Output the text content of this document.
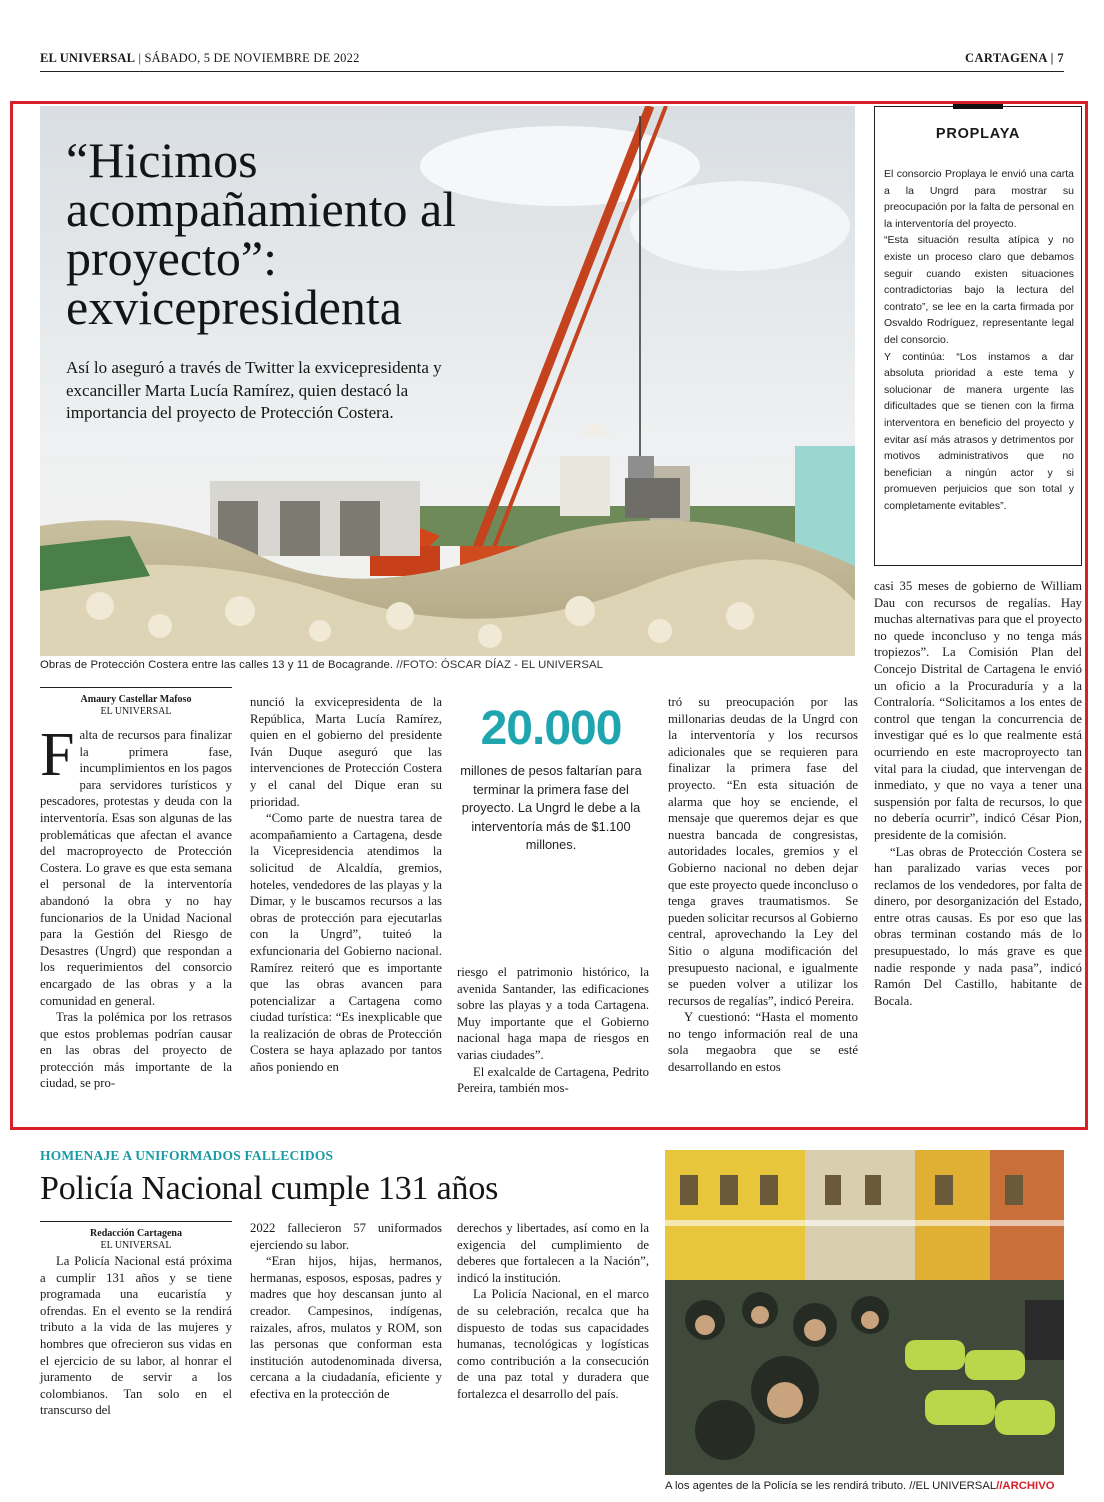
EL UNIVERSAL | SÁBADO, 5 DE NOVIEMBRE DE 2022	CARTAGENA | 7
“Hicimos acompañamiento al proyecto”: exvicepresidenta
Así lo aseguró a través de Twitter la exvicepresidenta y excanciller Marta Lucía Ramírez, quien destacó la importancia del proyecto de Protección Costera.
Obras de Protección Costera entre las calles 13 y 11 de Bocagrande. //FOTO: ÓSCAR DÍAZ - EL UNIVERSAL
PROPLAYA

El consorcio Proplaya le envió una carta a la Ungrd para mostrar su preocupación por la falta de personal en la interventoría del proyecto.

“Esta situación resulta atípica y no existe un proceso claro que debamos seguir cuando existen situaciones contradictorias bajo la lectura del contrato”, se lee en la carta firmada por Osvaldo Rodríguez, representante legal del consorcio.

Y continúa: “Los instamos a dar absoluta prioridad a este tema y solucionar de manera urgente las dificultades que se tienen con la firma interventora en beneficio del proyecto y evitar así más atrasos y detrimentos por motivos administrativos que no benefician a ningún actor y si promueven perjuicios que son total y completamente evitables”.

Amaury Castellar Mafoso
EL UNIVERSAL

Falta de recursos para finalizar la primera fase, incumplimientos en los pagos para servidores turísticos y pescadores, protestas y deuda con la interventoría. Esas son algunas de las problemáticas que afectan el avance del macroproyecto de Protección Costera. Lo grave es que esta semana el personal de la interventoría abandonó la obra y no hay funcionarios de la Unidad Nacional para la Gestión del Riesgo de Desastres (Ungrd) que respondan a los requerimientos del consorcio encargado de las obras y a la comunidad en general.

Tras la polémica por los retrasos que estos problemas podrían causar en las obras del proyecto de protección más importante de la ciudad, se pro-

nunció la exvicepresidenta de la República, Marta Lucía Ramírez, quien en el gobierno del presidente Iván Duque aseguró que las intervenciones de Protección Costera y el canal del Dique eran su prioridad.

“Como parte de nuestra tarea de acompañamiento a Cartagena, desde la Vicepresidencia atendimos la solicitud de Alcaldía, gremios, hoteles, vendedores de las playas y la Dimar, y le buscamos recursos a las obras de protección para ejecutarlas con la Ungrd”, tuiteó la exfuncionaria del Gobierno nacional. Ramírez reiteró que es importante que las obras avancen para potencializar a Cartagena como ciudad turística: “Es inexplicable que la realización de obras de Protección Costera se haya aplazado por tantos años poniendo en

20.000
millones de pesos faltarían para terminar la primera fase del proyecto. La Ungrd le debe a la interventoría más de $1.100 millones.

riesgo el patrimonio histórico, la avenida Santander, las edificaciones sobre las playas y a toda Cartagena. Muy importante que el Gobierno nacional haga mapa de riesgos en varias ciudades”.

El exalcalde de Cartagena, Pedrito Pereira, también mos-

tró su preocupación por las millonarias deudas de la Ungrd con la interventoría y los recursos adicionales que se requieren para finalizar la primera fase del proyecto. “En esta situación de alarma que hoy se enciende, el mensaje que queremos dejar es que nuestra bancada de congresistas, autoridades locales, gremios y el Gobierno nacional no deben dejar que este proyecto quede inconcluso o tenga graves traumatismos. Se pueden solicitar recursos al Gobierno central, aprovechando la Ley del Sitio o alguna modificación del presupuesto nacional, e igualmente se pueden volver a utilizar los recursos de regalías”, indicó Pereira.

Y cuestionó: “Hasta el momento no tengo información real de una sola megaobra que se esté desarrollando en estos

casi 35 meses de gobierno de William Dau con recursos de regalías. Hay muchas alternativas para que el proyecto no quede inconcluso y no tenga más tropiezos”. La Comisión Plan del Concejo Distrital de Cartagena le envió un oficio a la Procuraduría y a la Contraloría. “Solicitamos a los entes de control que tengan la concurrencia de investigar qué es lo que realmente está ocurriendo en este macroproyecto tan vital para la ciudad, que intervengan de inmediato, y que no vaya a tener una suspensión por falta de recursos, lo que no debería ocurrir”, indicó César Pion, presidente de la comisión.

“Las obras de Protección Costera se han paralizado varias veces por reclamos de los vendedores, por falta de dinero, por desorganización del Estado, entre otras causas. Es por eso que las obras terminan costando más de lo presupuestado, lo más grave es que nadie responde y nada pasa”, indicó Ramón Del Castillo, habitante de Bocala.

HOMENAJE A UNIFORMADOS FALLECIDOS
Policía Nacional cumple 131 años
Redacción Cartagena
EL UNIVERSAL

La Policía Nacional está próxima a cumplir 131 años y se tiene programada una eucaristía y ofrendas. En el evento se la rendirá tributo a la vida de las mujeres y hombres que ofrecieron sus vidas en el ejercicio de su labor, al honrar el juramento de servir a los colombianos. Tan solo en el transcurso del

2022 fallecieron 57 uniformados ejerciendo su labor.

“Eran hijos, hijas, hermanos, hermanas, esposos, esposas, padres y madres que hoy descansan junto al creador. Campesinos, indígenas, raizales, afros, mulatos y ROM, son las personas que conforman esta institución autodenominada diversa, cercana a la ciudadanía, eficiente y efectiva en la protección de

derechos y libertades, así como en la exigencia del cumplimiento de deberes que fortalecen a la Nación”, indicó la institución.

La Policía Nacional, en el marco de su celebración, recalca que ha dispuesto de todas sus capacidades humanas, tecnológicas y logísticas como contribución a la consecución de una paz total y duradera que fortalezca el desarrollo del país.

A los agentes de la Policía se les rendirá tributo. //EL UNIVERSAL//ARCHIVO
